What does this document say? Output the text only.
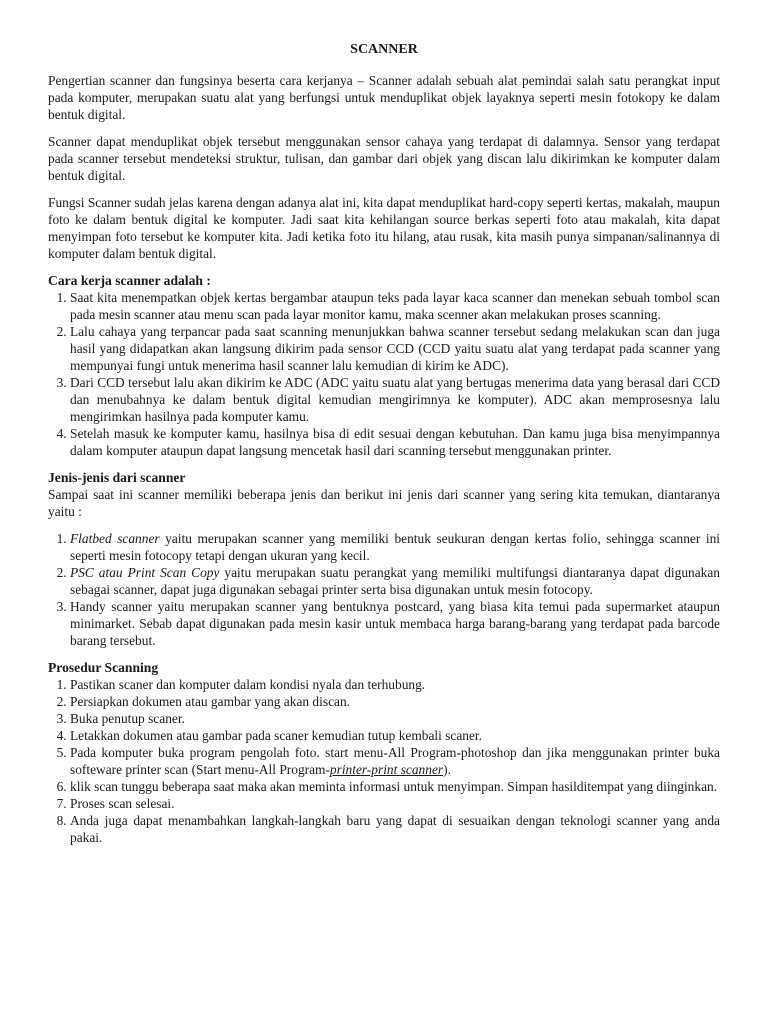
SCANNER

Pengertian scanner dan fungsinya beserta cara kerjanya – Scanner adalah sebuah alat pemindai salah satu perangkat input pada komputer, merupakan suatu alat yang berfungsi untuk menduplikat objek layaknya seperti mesin fotokopy ke dalam bentuk digital.

Scanner dapat menduplikat objek tersebut menggunakan sensor cahaya yang terdapat di dalamnya. Sensor yang terdapat pada scanner tersebut mendeteksi struktur, tulisan, dan gambar dari objek yang discan lalu dikirimkan ke komputer dalam bentuk digital.

Fungsi Scanner sudah jelas karena dengan adanya alat ini, kita dapat menduplikat hard-copy seperti kertas, makalah, maupun foto ke dalam bentuk digital ke komputer. Jadi saat kita kehilangan source berkas seperti foto atau makalah, kita dapat menyimpan foto tersebut ke komputer kita. Jadi ketika foto itu hilang, atau rusak, kita masih punya simpanan/salinannya di komputer dalam bentuk digital.

Cara kerja scanner adalah :
1. Saat kita menempatkan objek kertas bergambar ataupun teks pada layar kaca scanner dan menekan sebuah tombol scan pada mesin scanner atau menu scan pada layar monitor kamu, maka scenner akan melakukan proses scanning.
2. Lalu cahaya yang terpancar pada saat scanning menunjukkan bahwa scanner tersebut sedang melakukan scan dan juga hasil yang didapatkan akan langsung dikirim pada sensor CCD (CCD yaitu suatu alat yang terdapat pada scanner yang mempunyai fungi untuk menerima hasil scanner lalu kemudian di kirim ke ADC).
3. Dari CCD tersebut lalu akan dikirim ke ADC (ADC yaitu suatu alat yang bertugas menerima data yang berasal dari CCD dan menubahnya ke dalam bentuk digital kemudian mengirimnya ke komputer). ADC akan memprosesnya lalu mengirimkan hasilnya pada komputer kamu.
4. Setelah masuk ke komputer kamu, hasilnya bisa di edit sesuai dengan kebutuhan. Dan kamu juga bisa menyimpannya dalam komputer ataupun dapat langsung mencetak hasil dari scanning tersebut menggunakan printer.
Jenis-jenis dari scanner

Sampai saat ini scanner memiliki beberapa jenis dan berikut ini jenis dari scanner yang sering kita temukan, diantaranya yaitu :

1. Flatbed scanner yaitu merupakan scanner yang memiliki bentuk seukuran dengan kertas folio, sehingga scanner ini seperti mesin fotocopy tetapi dengan ukuran yang kecil.
2. PSC atau Print Scan Copy yaitu merupakan suatu perangkat yang memiliki multifungsi diantaranya dapat digunakan sebagai scanner, dapat juga digunakan sebagai printer serta bisa digunakan untuk mesin fotocopy.
3. Handy scanner yaitu merupakan scanner yang bentuknya postcard, yang biasa kita temui pada supermarket ataupun minimarket. Sebab dapat digunakan pada mesin kasir untuk membaca harga barang-barang yang terdapat pada barcode barang tersebut.
Prosedur Scanning
1. Pastikan scaner dan komputer dalam kondisi nyala dan terhubung.
2. Persiapkan dokumen atau gambar yang akan discan.
3. Buka penutup scaner.
4. Letakkan dokumen atau gambar pada scaner kemudian tutup kembali scaner.
5. Pada komputer buka program pengolah foto. start menu-All Program-photoshop dan jika menggunakan printer buka softeware printer scan (Start menu-All Program-printer-print scanner).
6. klik scan tunggu beberapa saat maka akan meminta informasi untuk menyimpan. Simpan hasilditempat yang diinginkan.
7. Proses scan selesai.
8. Anda juga dapat menambahkan langkah-langkah baru yang dapat di sesuaikan dengan teknologi scanner yang anda pakai.
